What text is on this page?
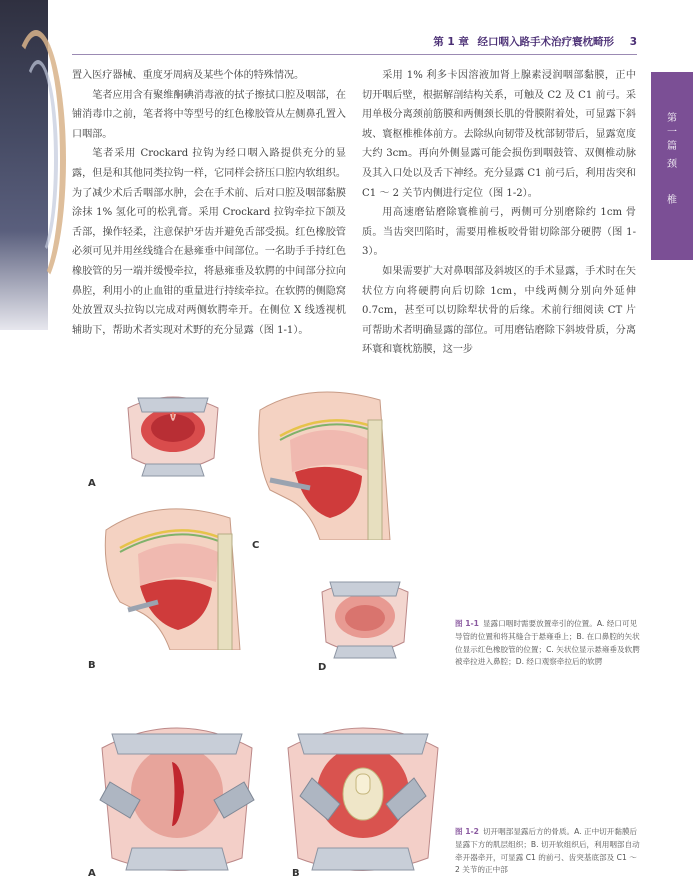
第 1 章 经口咽入路手术治疗寰枕畸形 3
第
一
篇
颈
椎

置入医疗器械、重度牙周病及某些个体的特殊情况。

笔者应用含有聚维酮碘消毒液的拭子擦拭口腔及咽部，在铺消毒巾之前，笔者将中等型号的红色橡胶管从左侧鼻孔置入口咽部。

笔者采用 Crockard 拉钩为经口咽入路提供充分的显露，但是和其他同类拉钩一样，它同样会挤压口腔内软组织。为了减少术后舌咽部水肿，会在手术前、后对口腔及咽部黏膜涂抹 1% 氢化可的松乳膏。采用 Crockard 拉钩牵拉下颌及舌部，操作轻柔，注意保护牙齿并避免舌部受损。红色橡胶管必须可见并用丝线缝合在悬雍垂中间部位。一名助手手持红色橡胶管的另一端并缓慢牵拉，将悬雍垂及软腭的中间部分拉向鼻腔，利用小的止血钳的重量进行持续牵拉。在软腭的侧隐窝处放置双头拉钩以完成对两侧软腭牵开。在侧位 X 线透视机辅助下，帮助术者实现对术野的充分显露（图 1-1）。

采用 1% 利多卡因溶液加肾上腺素浸润咽部黏膜，正中切开咽后壁，根据解剖结构关系，可触及 C2 及 C1 前弓。采用单极分离颈前筋膜和两侧颈长肌的骨膜附着处，可显露下斜坡、寰枢椎椎体前方。去除纵向韧带及枕部韧带后，显露宽度大约 3cm。再向外侧显露可能会损伤到咽鼓管、双侧椎动脉及其入口处以及舌下神经。充分显露 C1 前弓后，利用齿突和 C1 ～ 2 关节内侧进行定位（图 1-2）。

用高速磨钻磨除寰椎前弓，两侧可分别磨除约 1cm 骨质。当齿突凹陷时，需要用椎板咬骨钳切除部分硬腭（图 1-3）。

如果需要扩大对鼻咽部及斜坡区的手术显露，手术时在矢状位方向将硬腭向后切除 1cm，中线两侧分别向外延伸 0.7cm，甚至可以切除犁状骨的后缘。术前行细阅读 CT 片可帮助术者明确显露的部位。可用磨钻磨除下斜坡骨质，分离环寰和寰枕筋膜，这一步

A
C
B	D
图 1-1 显露口咽时需要放置牵引的位置。A. 经口可见导管的位置和将其缝合于悬雍垂上；B. 在口鼻腔的矢状位显示红色橡胶管的位置；C. 矢状位显示悬雍垂及软腭被牵拉进入鼻腔；D. 经口观察牵拉后的软腭
A	B
图 1-2 切开咽部显露后方的骨质。A. 正中切开黏膜后显露下方的肌层组织；B. 切开软组织后，利用咽部自动牵开器牵开，可显露 C1 的前弓、齿突基底部及 C1 ～ 2 关节的正中部
